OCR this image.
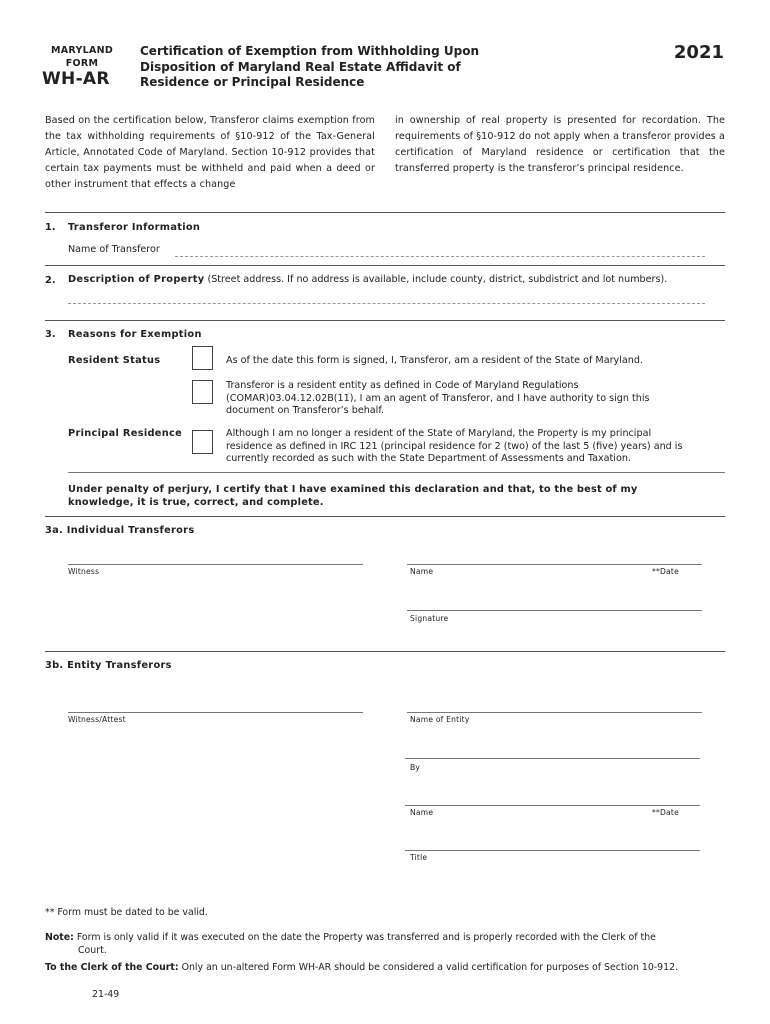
MARYLAND
FORM
WH-AR
Certification of Exemption from Withholding Upon
Disposition of Maryland Real Estate Affidavit of
Residence or Principal Residence
2021
Based on the certification below, Transferor claims exemption from the tax withholding requirements of §10-912 of the Tax-General Article, Annotated Code of Maryland. Section 10-912 provides that certain tax payments must be withheld and paid when a deed or other instrument that effects a change
in ownership of real property is presented for recordation. The requirements of §10-912 do not apply when a transferor provides a certification of Maryland residence or certification that the transferred property is the transferor’s principal residence.
1. Transferor Information
Name of Transferor
2. Description of Property (Street address. If no address is available, include county, district, subdistrict and lot numbers).
3. Reasons for Exemption
Resident Status	As of the date this form is signed, I, Transferor, am a resident of the State of Maryland.
Transferor is a resident entity as defined in Code of Maryland Regulations
(COMAR)03.04.12.02B(11), I am an agent of Transferor, and I have authority to sign this
document on Transferor’s behalf.
Principal Residence	Although I am no longer a resident of the State of Maryland, the Property is my principal
residence as defined in IRC 121 (principal residence for 2 (two) of the last 5 (five) years) and is
currently recorded as such with the State Department of Assessments and Taxation.
Under penalty of perjury, I certify that I have examined this declaration and that, to the best of my
knowledge, it is true, correct, and complete.
3a. Individual Transferors
Witness	Name	**Date
Signature
3b. Entity Transferors
Witness/Attest	Name of Entity
By
Name	**Date
Title
** Form must be dated to be valid.
Note: Form is only valid if it was executed on the date the Property was transferred and is properly recorded with the Clerk of the
Court.
To the Clerk of the Court: Only an un-altered Form WH-AR should be considered a valid certification for purposes of Section 10-912.
21-49
